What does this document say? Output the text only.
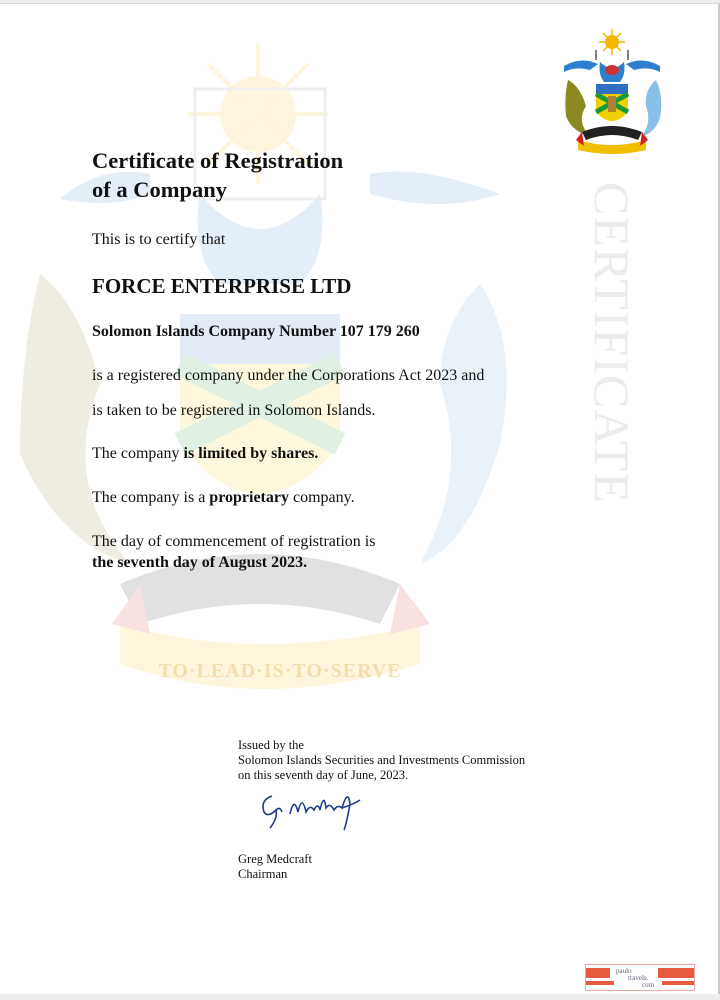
TO·LEAD·IS·TO·SERVE
CERTIFICATE
Certificate of Registration
of a Company
This is to certify that
FORCE ENTERPRISE LTD
Solomon Islands Company Number 107 179 260
is a registered company under the Corporations Act 2023 and
is taken to be registered in Solomon Islands.
The company is limited by shares.
The company is a proprietary company.
The day of commencement of registration is
the seventh day of August 2023.
Issued by the
Solomon Islands Securities and Investments Commission
on this seventh day of June, 2023.
Greg Medcraft
Chairman
paulo
travels.
com
